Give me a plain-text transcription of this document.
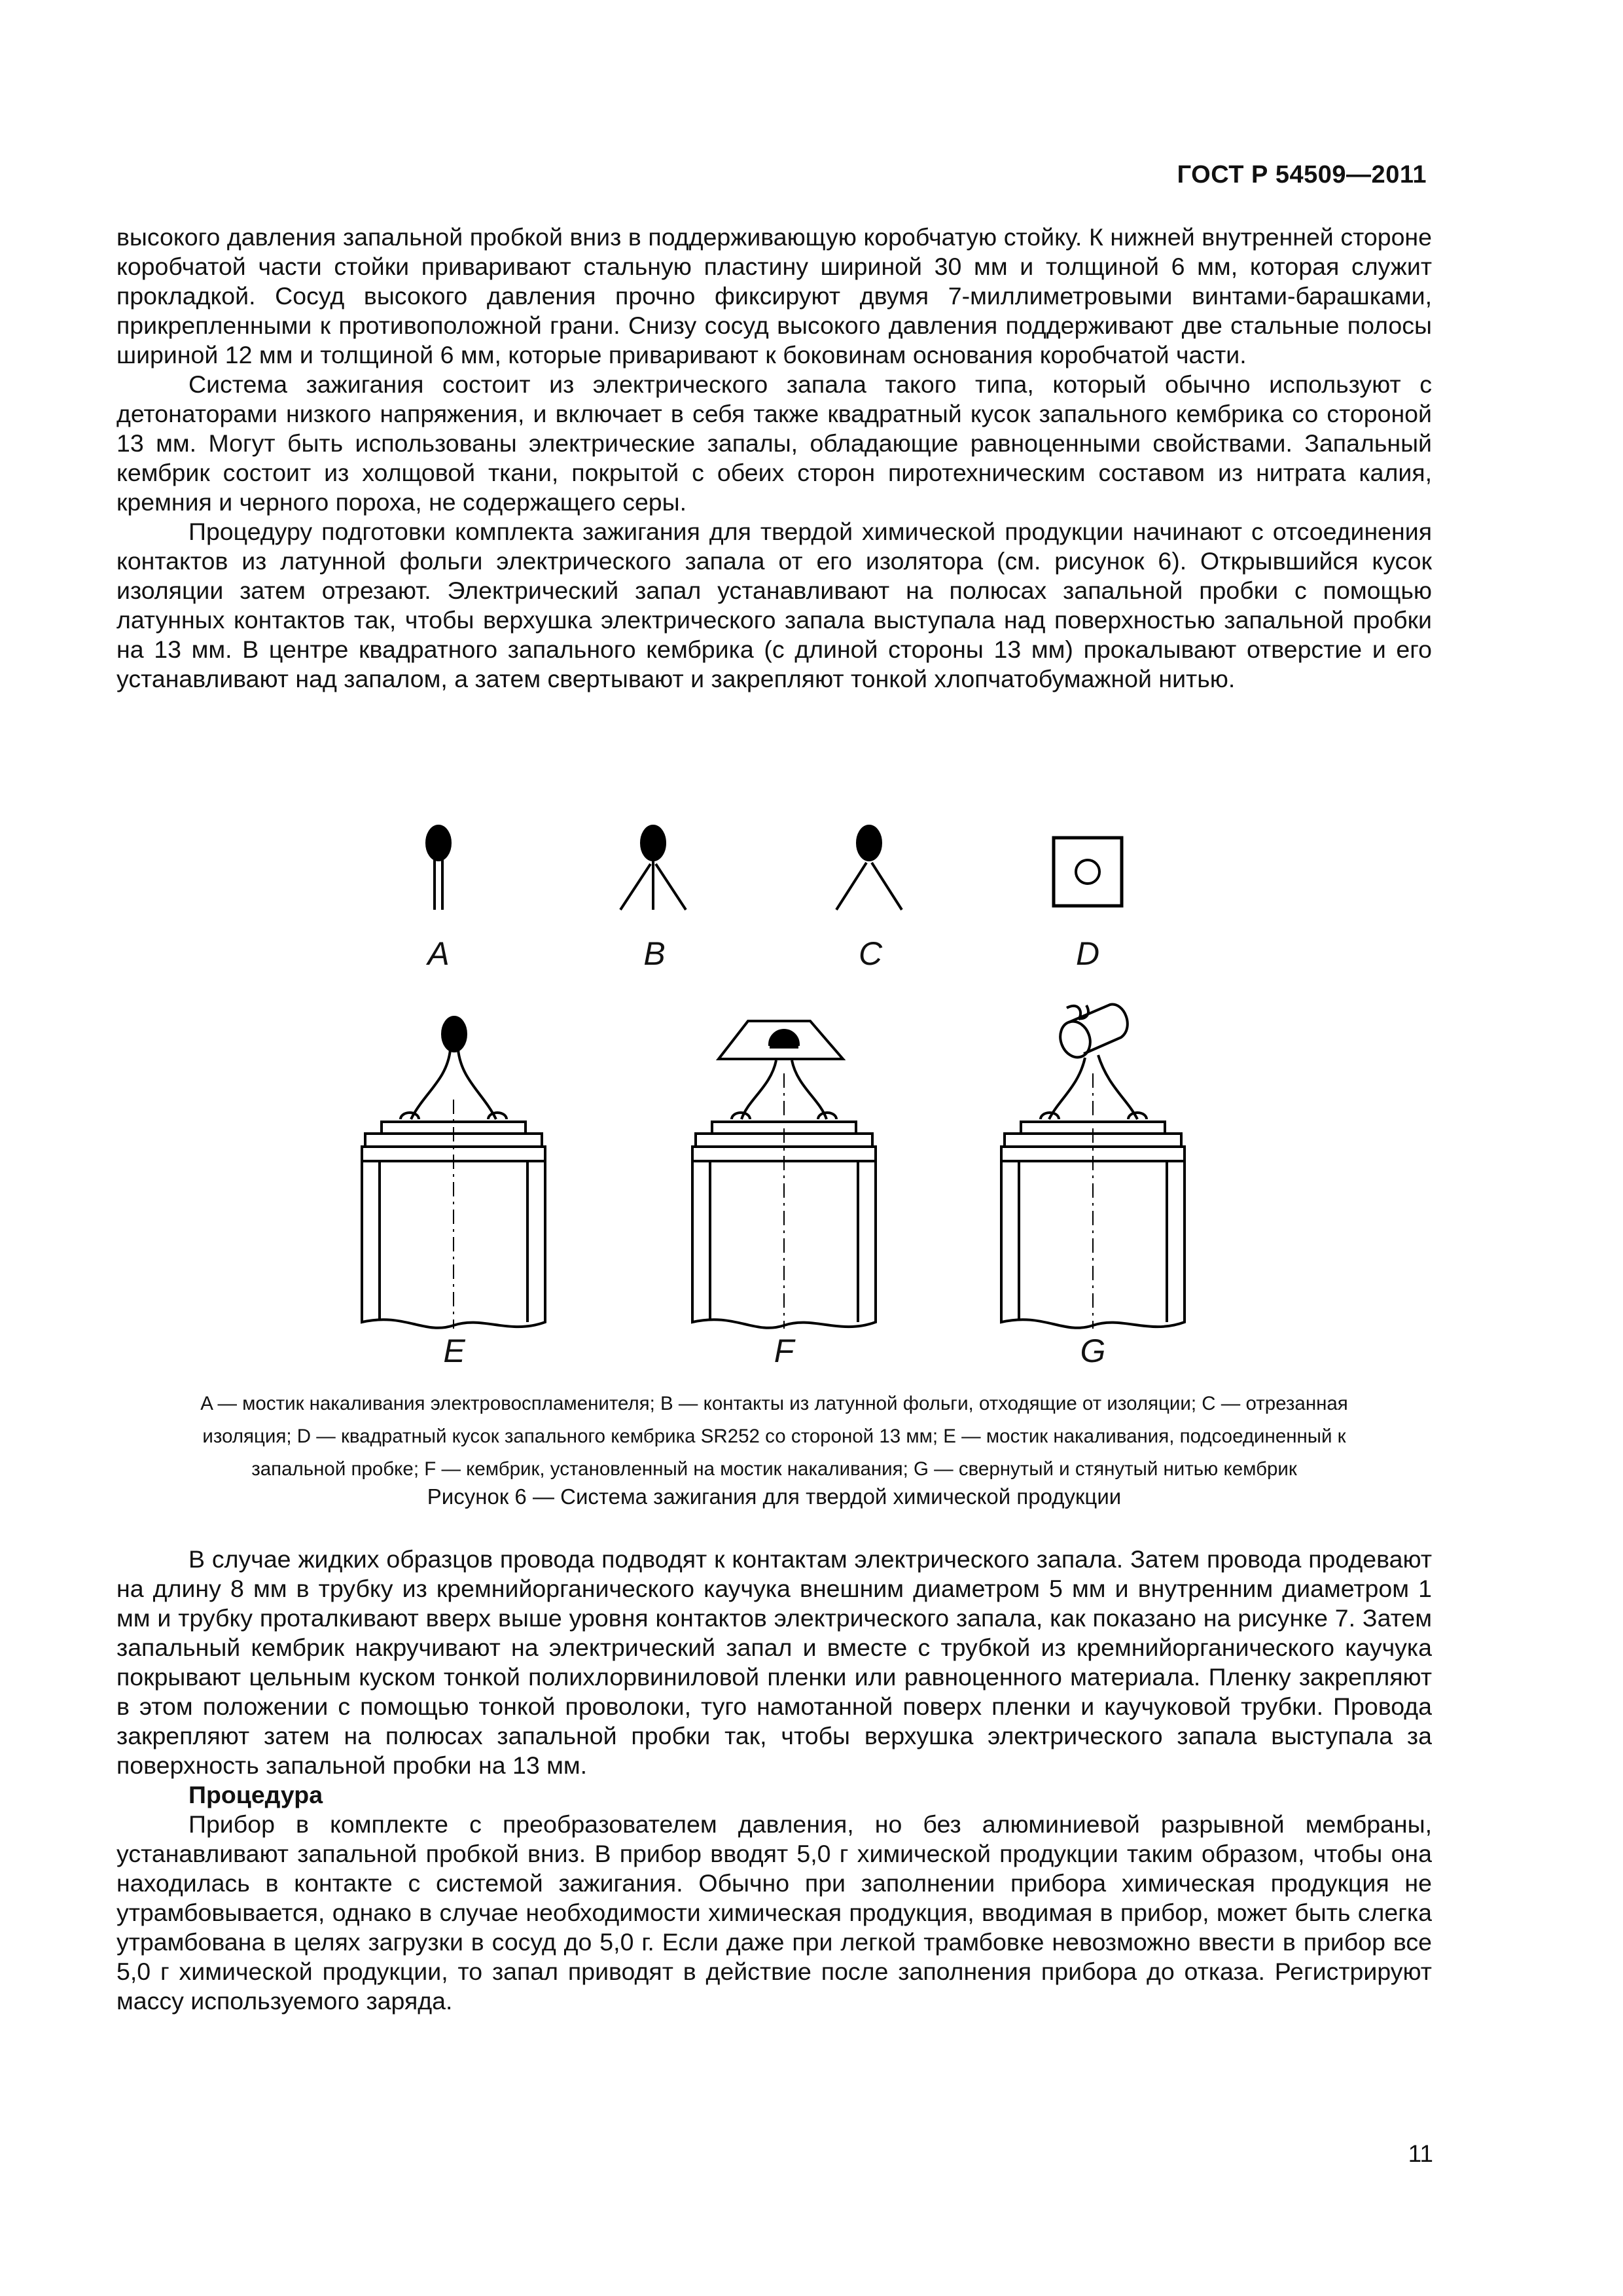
ГОСТ Р 54509—2011

высокого давления запальной пробкой вниз в поддерживающую коробчатую стойку. К нижней внутренней стороне коробчатой части стойки приваривают стальную пластину шириной 30 мм и толщиной 6 мм, которая служит прокладкой. Сосуд высокого давления прочно фиксируют двумя 7-миллиметровыми винтами-барашками, прикрепленными к противоположной грани. Снизу сосуд высокого давления поддерживают две стальные полосы шириной 12 мм и толщиной 6 мм, которые приваривают к боковинам основания коробчатой части.

Система зажигания состоит из электрического запала такого типа, который обычно используют с детонаторами низкого напряжения, и включает в себя также квадратный кусок запального кембрика со стороной 13 мм. Могут быть использованы электрические запалы, обладающие равноценными свойствами. Запальный кембрик состоит из холщовой ткани, покрытой с обеих сторон пиротехническим составом из нитрата калия, кремния и черного пороха, не содержащего серы.

Процедуру подготовки комплекта зажигания для твердой химической продукции начинают с отсоединения контактов из латунной фольги электрического запала от его изолятора (см. рисунок 6). Открывшийся кусок изоляции затем отрезают. Электрический запал устанавливают на полюсах запальной пробки с помощью латунных контактов так, чтобы верхушка электрического запала выступала над поверхностью запальной пробки на 13 мм. В центре квадратного запального кембрика (с длиной стороны 13 мм) прокалывают отверстие и его устанавливают над запалом, а затем свертывают и закрепляют тонкой хлопчатобумажной нитью.

A	B	C	D
E	F	G
A — мостик накаливания электровоспламенителя; B — контакты из латунной фольги, отходящие от изоляции; C — отрезанная
изоляция; D — квадратный кусок запального кембрика SR252 со стороной 13 мм; E — мостик накаливания, подсоединенный к
запальной пробке; F — кембрик, установленный на мостик накаливания; G — свернутый и стянутый нитью кембрик
Рисунок 6 — Система зажигания для твердой химической продукции

В случае жидких образцов провода подводят к контактам электрического запала. Затем провода продевают на длину 8 мм в трубку из кремнийорганического каучука внешним диаметром 5 мм и внутренним диаметром 1 мм и трубку проталкивают вверх выше уровня контактов электрического запала, как показано на рисунке 7. Затем запальный кембрик накручивают на электрический запал и вместе с трубкой из кремнийорганического каучука покрывают цельным куском тонкой полихлорвиниловой пленки или равноценного материала. Пленку закрепляют в этом положении с помощью тонкой проволоки, туго намотанной поверх пленки и каучуковой трубки. Провода закрепляют затем на полюсах запальной пробки так, чтобы верхушка электрического запала выступала за поверхность запальной пробки на 13 мм.

Процедура

Прибор в комплекте с преобразователем давления, но без алюминиевой разрывной мембраны, устанавливают запальной пробкой вниз. В прибор вводят 5,0 г химической продукции таким образом, чтобы она находилась в контакте с системой зажигания. Обычно при заполнении прибора химическая продукция не утрамбовывается, однако в случае необходимости химическая продукция, вводимая в прибор, может быть слегка утрамбована в целях загрузки в сосуд до 5,0 г. Если даже при легкой трамбовке невозможно ввести в прибор все 5,0 г химической продукции, то запал приводят в действие после заполнения прибора до отказа. Регистрируют массу используемого заряда.

11
